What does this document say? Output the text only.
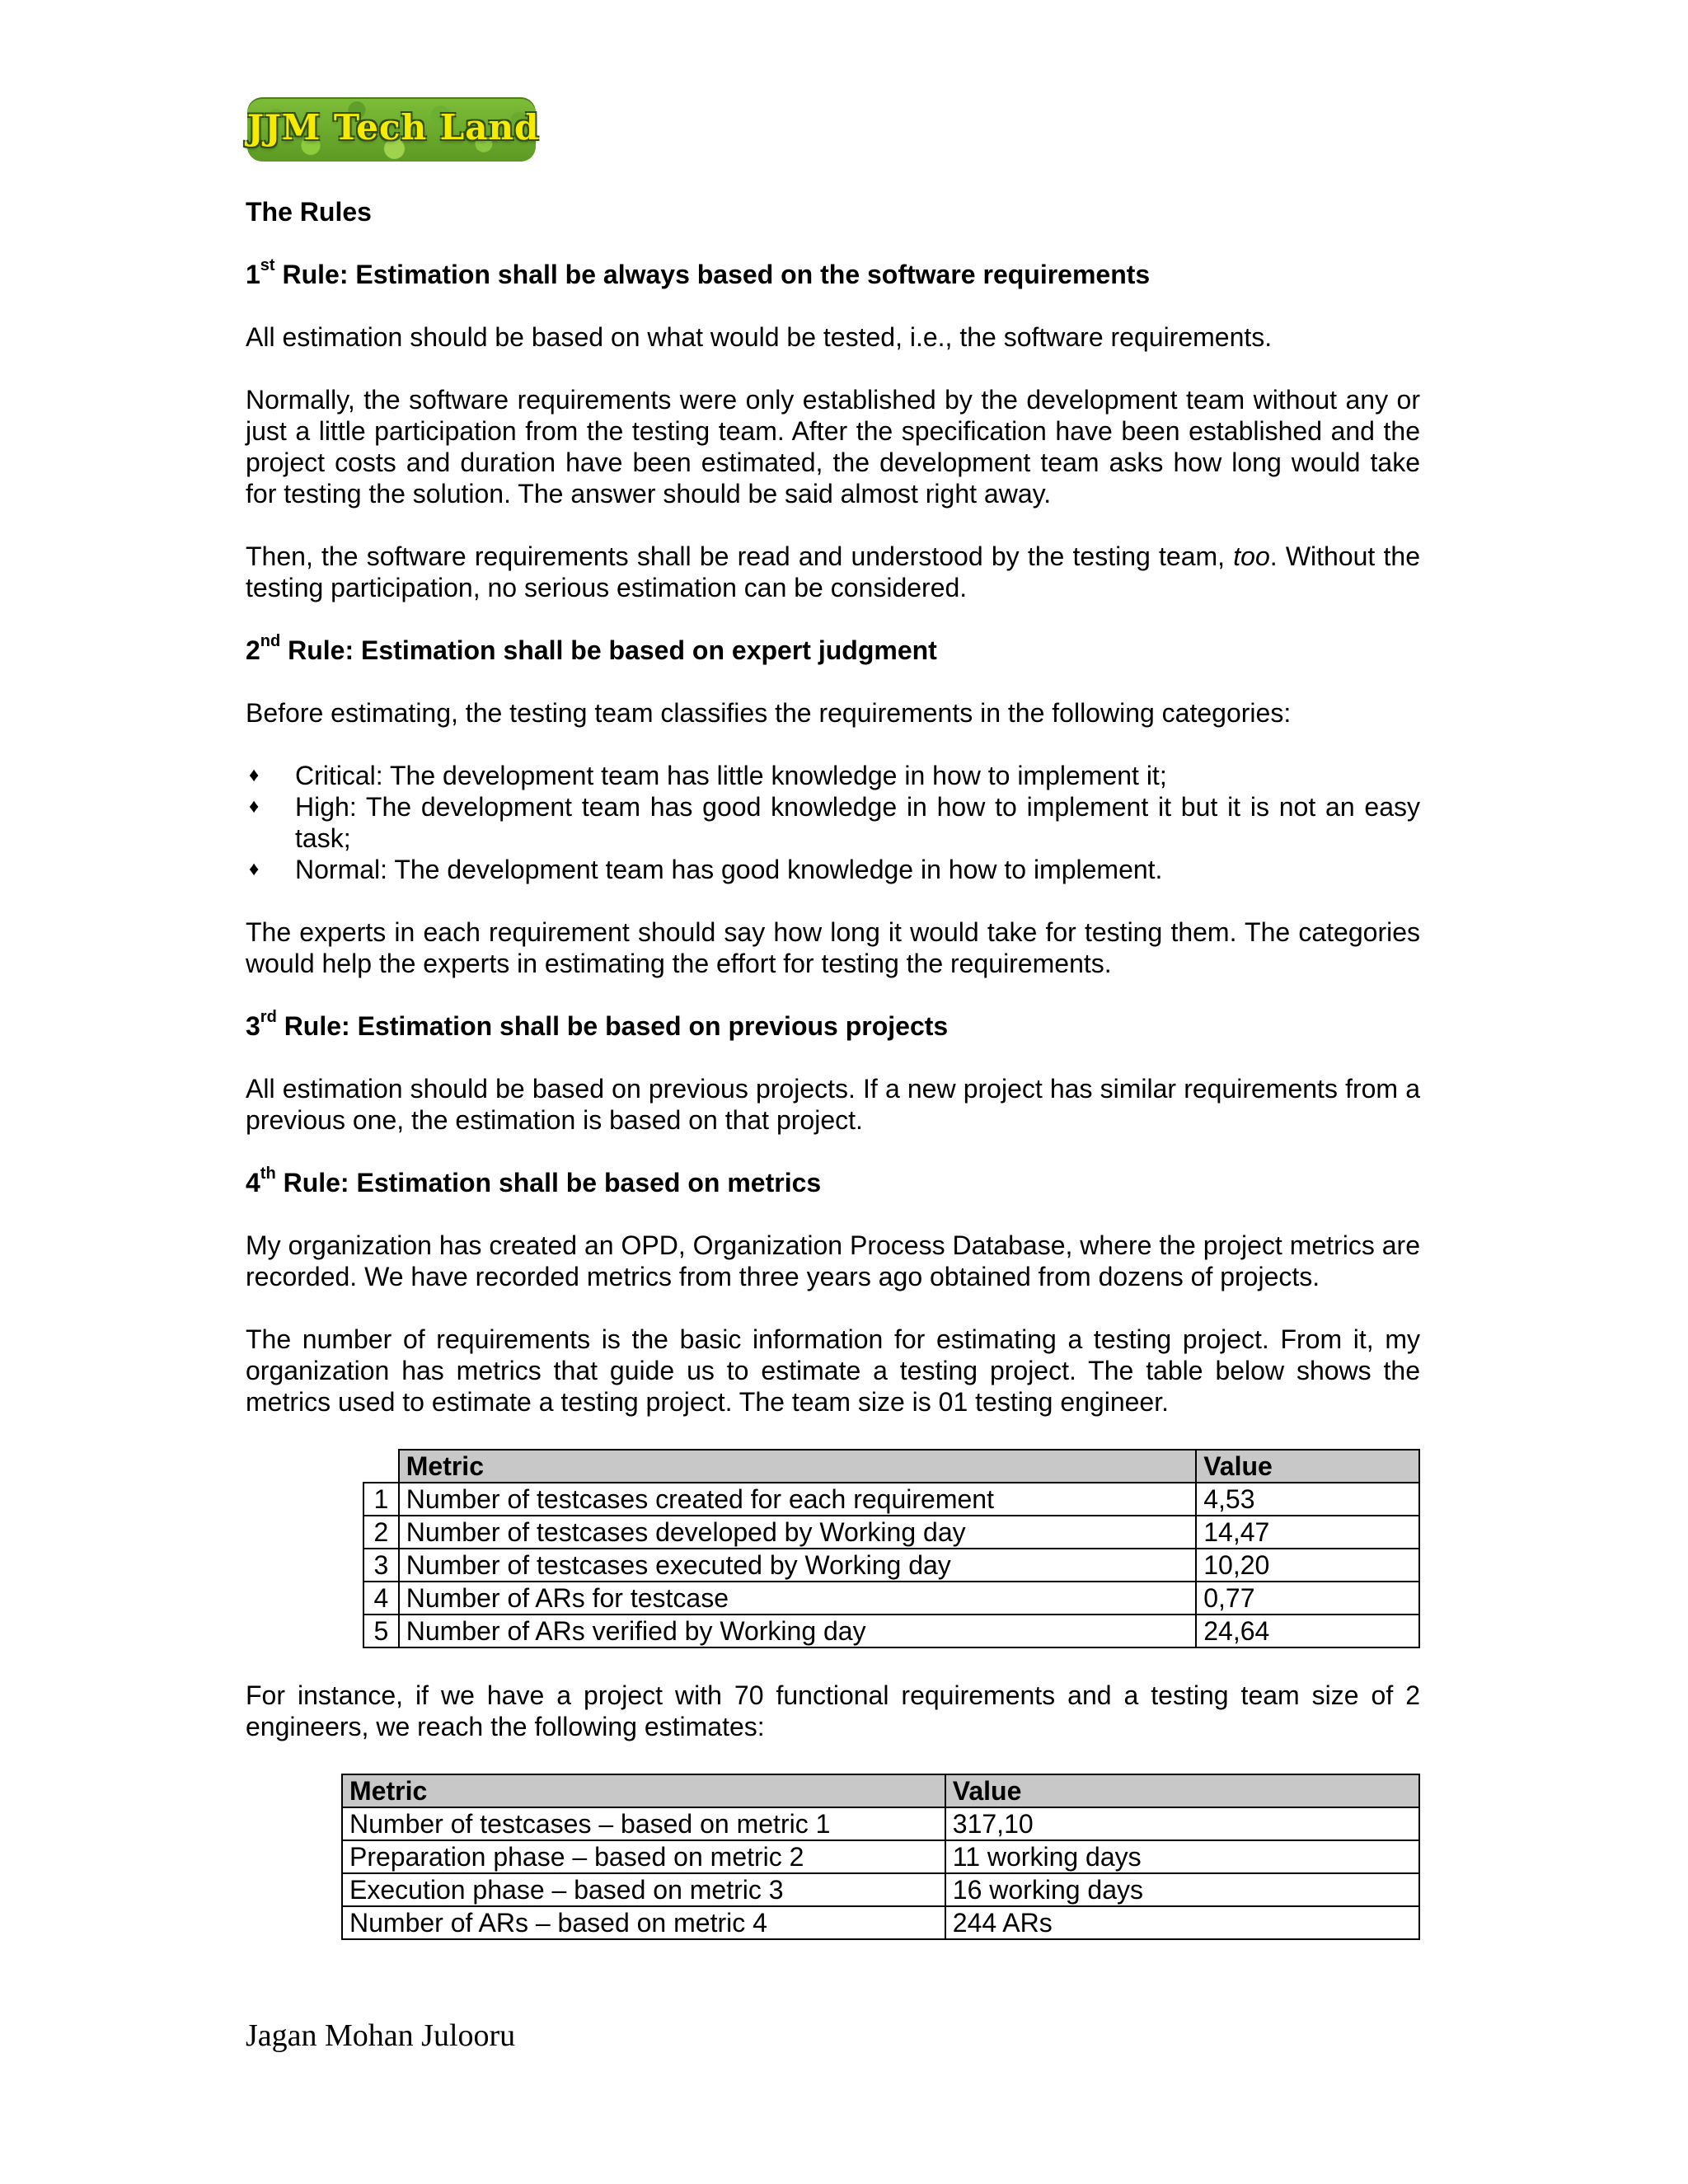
JJM Tech Land
The Rules
1st Rule: Estimation shall be always based on the software requirements

All estimation should be based on what would be tested, i.e., the software requirements.

Normally, the software requirements were only established by the development team without any or just a little participation from the testing team. After the specification have been established and the project costs and duration have been estimated, the development team asks how long would take for testing the solution. The answer should be said almost right away.

Then, the software requirements shall be read and understood by the testing team, too. Without the testing participation, no serious estimation can be considered.

2nd Rule: Estimation shall be based on expert judgment

Before estimating, the testing team classifies the requirements in the following categories:

♦ Critical: The development team has little knowledge in how to implement it;
♦ High: The development team has good knowledge in how to implement it but it is not an easy task;
♦ Normal: The development team has good knowledge in how to implement.

The experts in each requirement should say how long it would take for testing them. The categories would help the experts in estimating the effort for testing the requirements.

3rd Rule: Estimation shall be based on previous projects

All estimation should be based on previous projects. If a new project has similar requirements from a previous one, the estimation is based on that project.

4th Rule: Estimation shall be based on metrics

My organization has created an OPD, Organization Process Database, where the project metrics are recorded. We have recorded metrics from three years ago obtained from dozens of projects.

The number of requirements is the basic information for estimating a testing project. From it, my organization has metrics that guide us to estimate a testing project. The table below shows the metrics used to estimate a testing project. The team size is 01 testing engineer.

	Metric	Value
1	Number of testcases created for each requirement	4,53
2	Number of testcases developed by Working day	14,47
3	Number of testcases executed by Working day	10,20
4	Number of ARs for testcase	0,77
5	Number of ARs verified by Working day	24,64

For instance, if we have a project with 70 functional requirements and a testing team size of 2 engineers, we reach the following estimates:

Metric	Value
Number of testcases – based on metric 1	317,10
Preparation phase – based on metric 2	11 working days
Execution phase – based on metric 3	16 working days
Number of ARs – based on metric 4	244 ARs
Jagan Mohan Julooru
